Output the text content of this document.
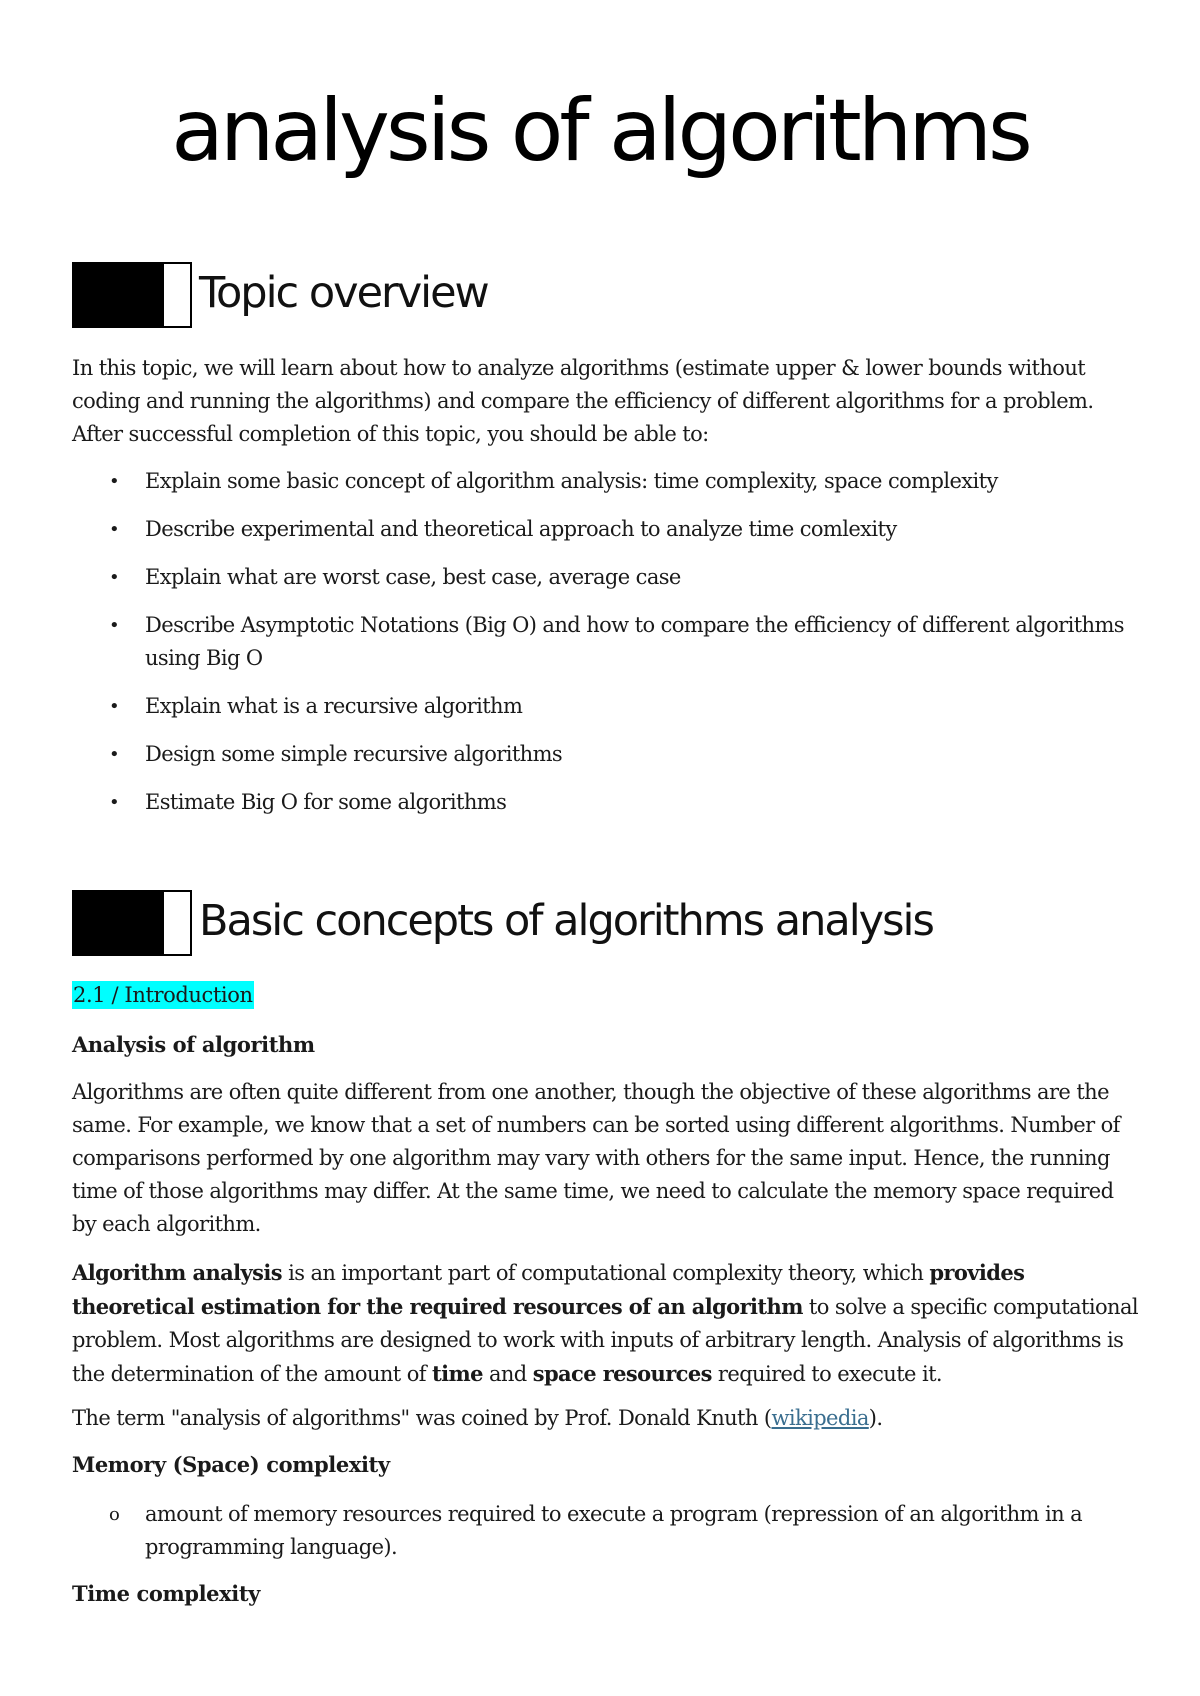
analysis of algorithms
Topic overview

In this topic, we will learn about how to analyze algorithms (estimate upper & lower bounds without coding and running the algorithms) and compare the efficiency of different algorithms for a problem. After successful completion of this topic, you should be able to:

• Explain some basic concept of algorithm analysis: time complexity, space complexity
• Describe experimental and theoretical approach to analyze time comlexity
• Explain what are worst case, best case, average case
• Describe Asymptotic Notations (Big O) and how to compare the efficiency of different algorithms using Big O
• Explain what is a recursive algorithm
• Design some simple recursive algorithms
• Estimate Big O for some algorithms
Basic concepts of algorithms analysis
2.1 / Introduction
Analysis of algorithm

Algorithms are often quite different from one another, though the objective of these algorithms are the same. For example, we know that a set of numbers can be sorted using different algorithms. Number of comparisons performed by one algorithm may vary with others for the same input. Hence, the running time of those algorithms may differ. At the same time, we need to calculate the memory space required by each algorithm.

Algorithm analysis is an important part of computational complexity theory, which provides theoretical estimation for the required resources of an algorithm to solve a specific computational problem. Most algorithms are designed to work with inputs of arbitrary length. Analysis of algorithms is the determination of the amount of time and space resources required to execute it.

The term "analysis of algorithms" was coined by Prof. Donald Knuth (wikipedia).

Memory (Space) complexity
o amount of memory resources required to execute a program (repression of an algorithm in a programming language).
Time complexity
